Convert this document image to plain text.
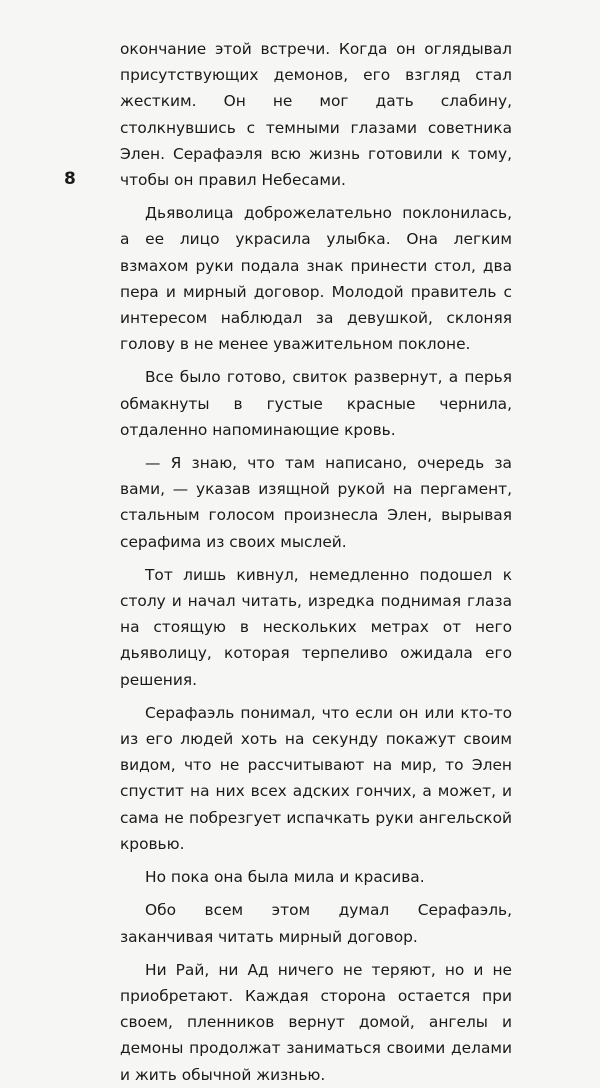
8

окончание этой встречи. Когда он оглядывал присутствующих демонов, его взгляд стал жестким. Он не мог дать слабину, столкнувшись с темными глазами советника Элен. Серафаэля всю жизнь готовили к тому, чтобы он правил Небесами.

Дьяволица доброжелательно поклонилась, а ее лицо украсила улыбка. Она легким взмахом руки подала знак принести стол, два пера и мирный договор. Молодой правитель с интересом наблюдал за девушкой, склоняя голову в не менее уважительном поклоне.

Все было готово, свиток развернут, а перья обмакнуты в густые красные чернила, отдаленно напоминающие кровь.

— Я знаю, что там написано, очередь за вами, — указав изящной рукой на пергамент, стальным голосом произнесла Элен, вырывая серафима из своих мыслей.

Тот лишь кивнул, немедленно подошел к столу и начал читать, изредка поднимая глаза на стоящую в нескольких метрах от него дьяволицу, которая терпеливо ожидала его решения.

Серафаэль понимал, что если он или кто-то из его людей хоть на секунду покажут своим видом, что не рассчитывают на мир, то Элен спустит на них всех адских гончих, а может, и сама не побрезгует испачкать руки ангельской кровью.

Но пока она была мила и красива.

Обо всем этом думал Серафаэль, заканчивая читать мирный договор.

Ни Рай, ни Ад ничего не теряют, но и не приобретают. Каждая сторона остается при своем, пленников вернут домой, ангелы и демоны продолжат заниматься своими делами и жить обычной жизнью.
